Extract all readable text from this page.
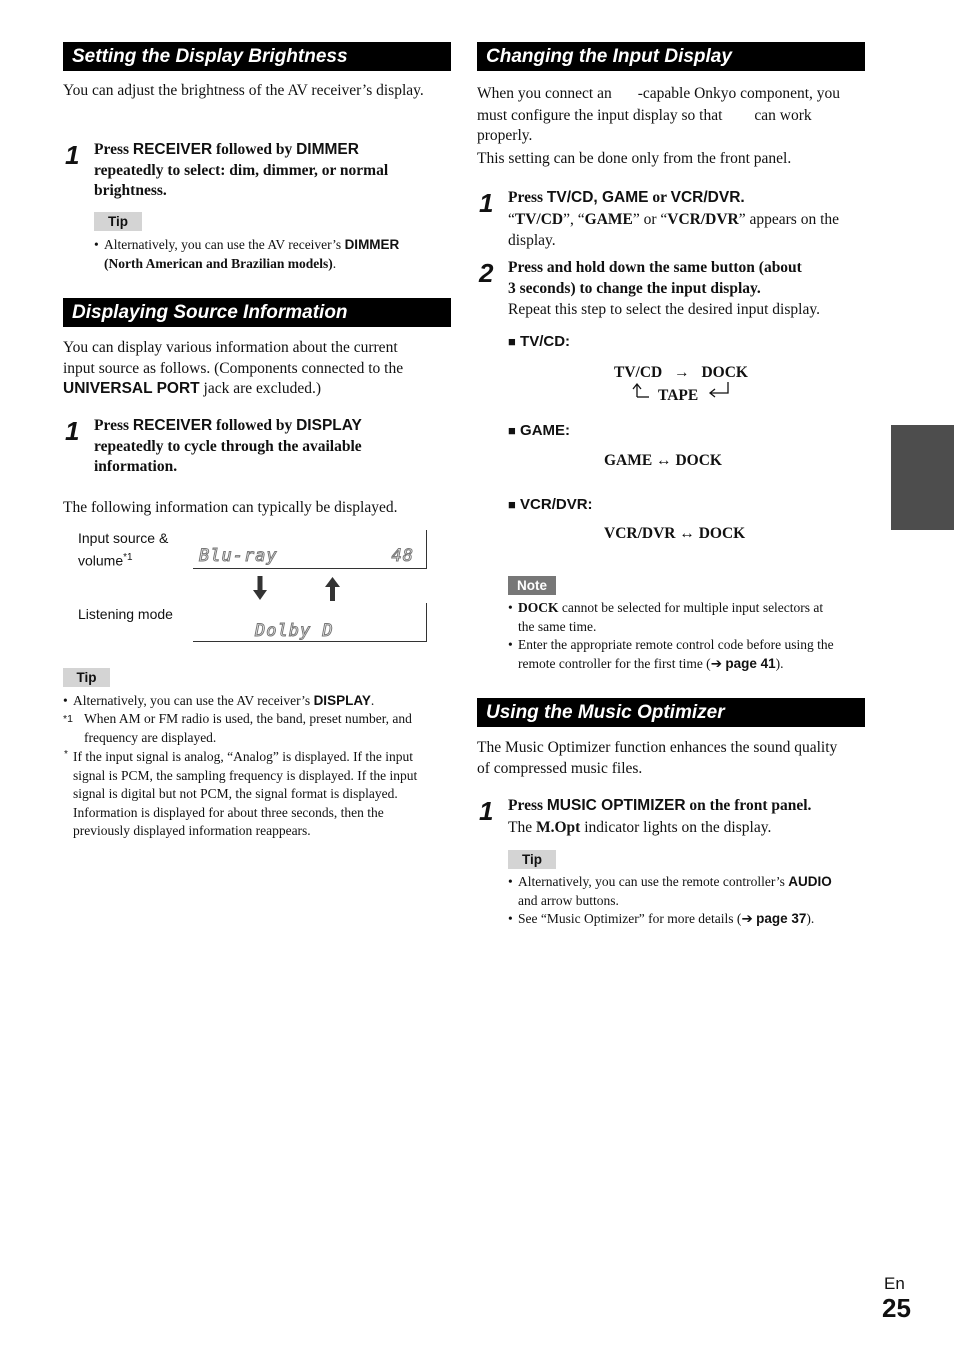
Setting the Display Brightness
You can adjust the brightness of the AV receiver’s display.
1 Press RECEIVER followed by DIMMER
repeatedly to select: dim, dimmer, or normal
brightness.
Tip
• Alternatively, you can use the AV receiver’s DIMMER
(North American and Brazilian models).
Displaying Source Information
You can display various information about the current
input source as follows. (Components connected to the
UNIVERSAL PORT jack are excluded.)
1 Press RECEIVER followed by DISPLAY
repeatedly to cycle through the available
information.
The following information can typically be displayed.
Input source &
volume$^{*1}$	Blu-ray	48
Listening mode
Dolby D
Tip
• Alternatively, you can use the AV receiver’s DISPLAY.
*1 When AM or FM radio is used, the band, preset number, and
frequency are displayed.
* If the input signal is analog, “Analog” is displayed. If the input
signal is PCM, the sampling frequency is displayed. If the input
signal is digital but not PCM, the signal format is displayed.
Information is displayed for about three seconds, then the
previously displayed information reappears.
Changing the Input Display
When you connect an -capable Onkyo component, you
must configure the input display so that can work
properly.
This setting can be done only from the front panel.
1 Press TV/CD, GAME or VCR/DVR.
“TV/CD”, “GAME” or “VCR/DVR” appears on the
display.
2 Press and hold down the same button (about
3 seconds) to change the input display.
Repeat this step to select the desired input display.
■ TV/CD:
TV/CD → DOCK
TAPE
■ GAME:
GAME ↔ DOCK
■ VCR/DVR:
VCR/DVR ↔ DOCK
Note
• DOCK cannot be selected for multiple input selectors at
the same time.
• Enter the appropriate remote control code before using the
remote controller for the first time (➔ page 41).
Using the Music Optimizer
The Music Optimizer function enhances the sound quality
of compressed music files.
1 Press MUSIC OPTIMIZER on the front panel.
The M.Opt indicator lights on the display.
Tip
• Alternatively, you can use the remote controller’s AUDIO
and arrow buttons.
• See “Music Optimizer” for more details (➔ page 37).
En
25
